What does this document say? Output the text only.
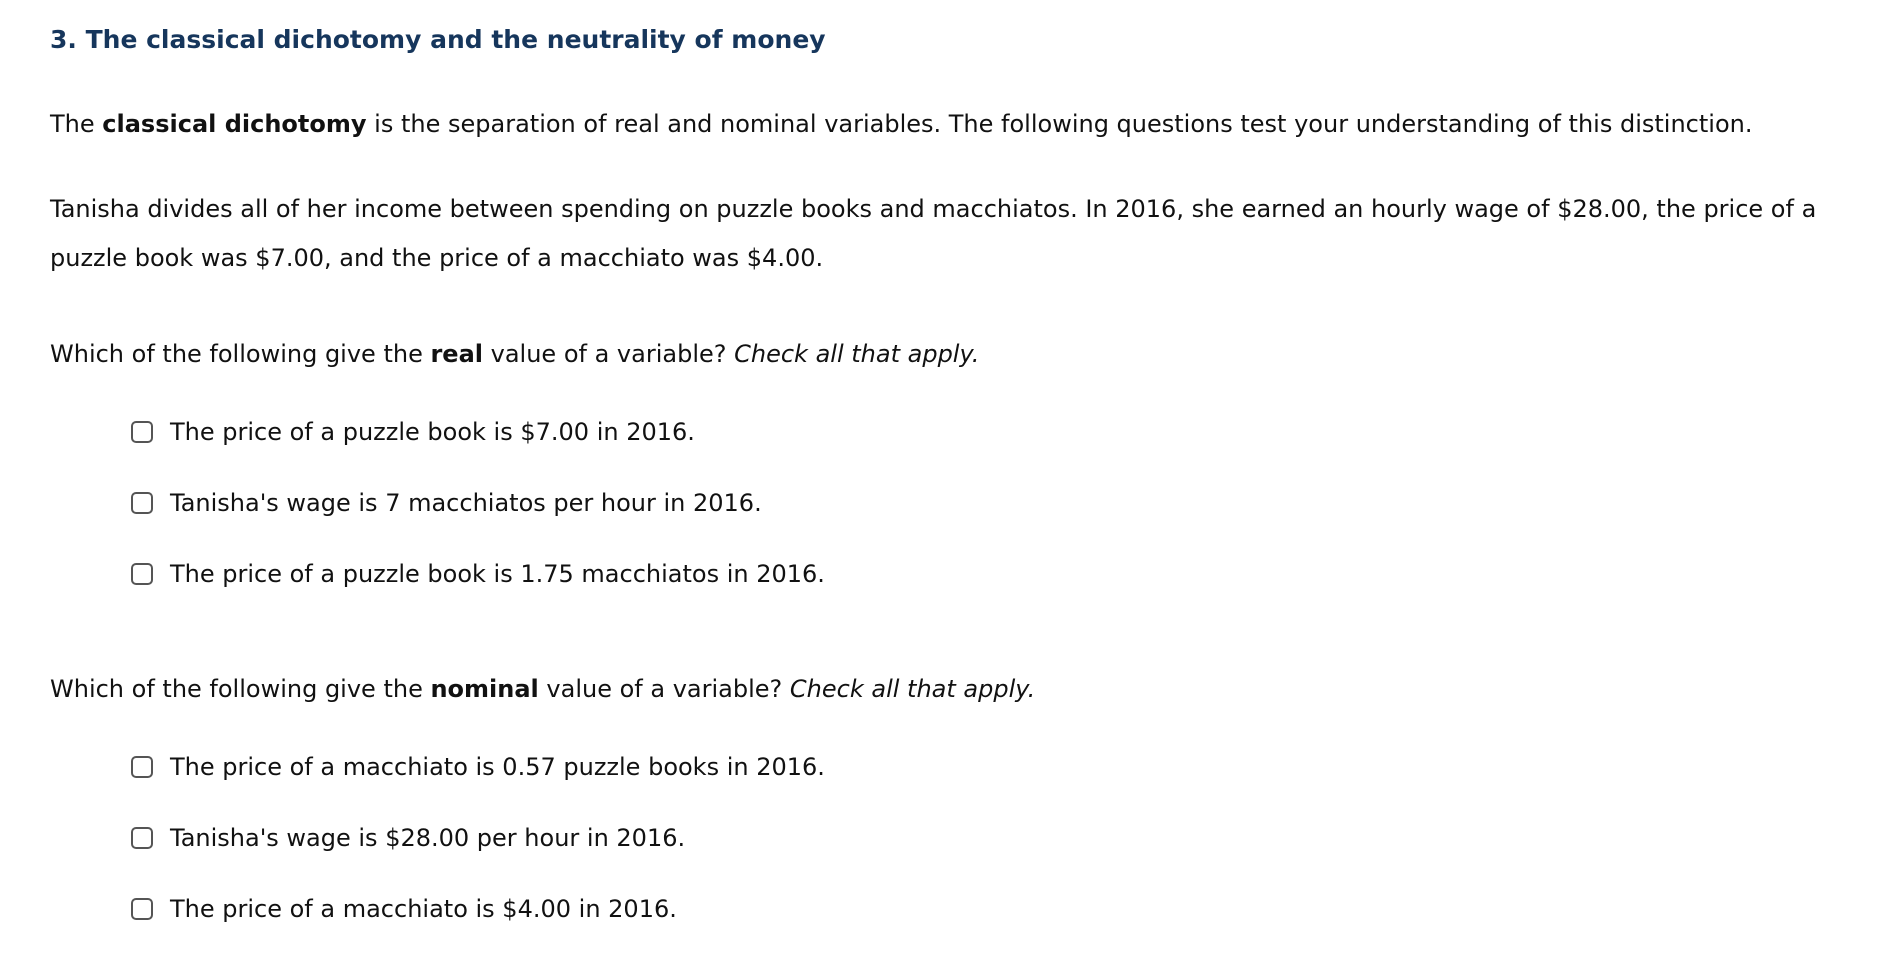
3. The classical dichotomy and the neutrality of money

The classical dichotomy is the separation of real and nominal variables. The following questions test your understanding of this distinction.

Tanisha divides all of her income between spending on puzzle books and macchiatos. In 2016, she earned an hourly wage of $28.00, the price of a puzzle book was $7.00, and the price of a macchiato was $4.00.

Which of the following give the real value of a variable? Check all that apply.

The price of a puzzle book is $7.00 in 2016.
Tanisha's wage is 7 macchiatos per hour in 2016.
The price of a puzzle book is 1.75 macchiatos in 2016.

Which of the following give the nominal value of a variable? Check all that apply.

The price of a macchiato is 0.57 puzzle books in 2016.
Tanisha's wage is $28.00 per hour in 2016.
The price of a macchiato is $4.00 in 2016.
